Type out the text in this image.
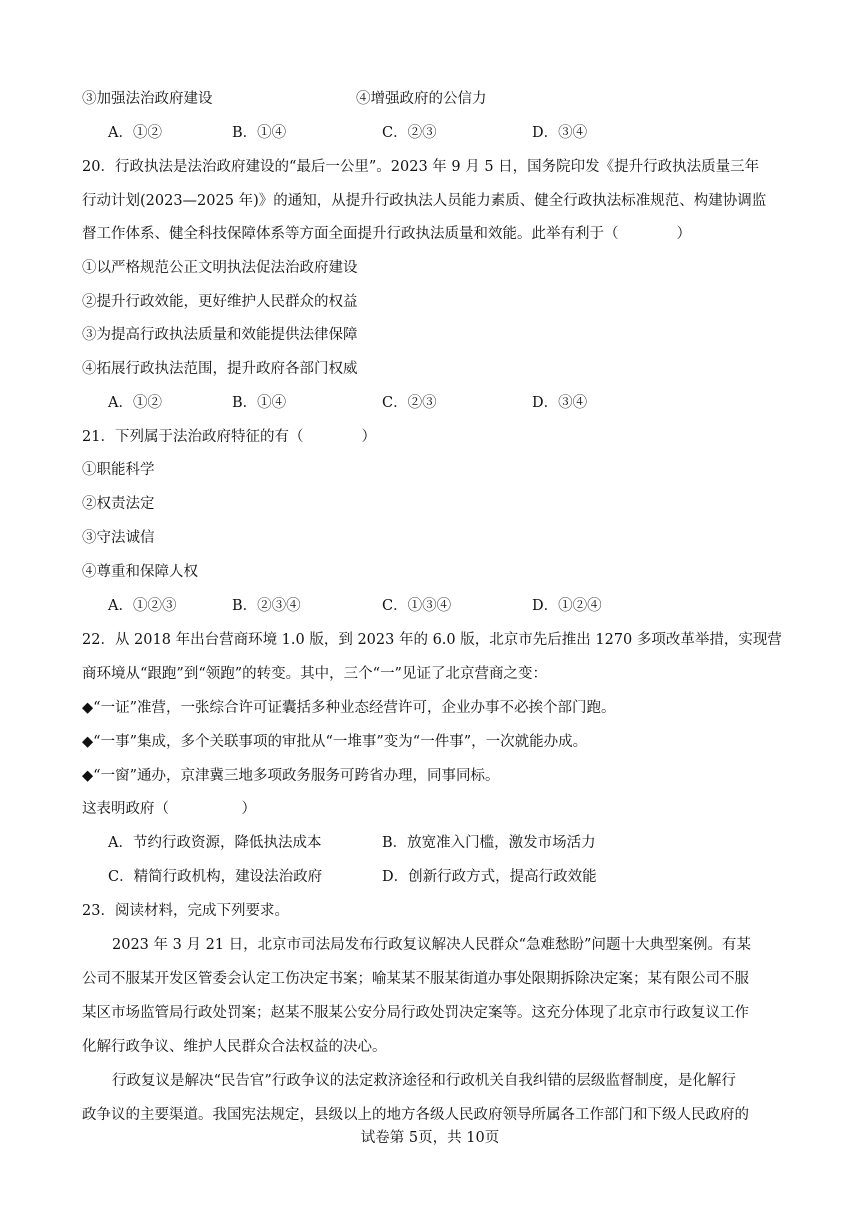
③加强法治政府建设	④增强政府的公信力
A．①②	B．①④	C．②③	D．③④
20．行政执法是法治政府建设的“最后一公里”。2023 年 9 月 5 日，国务院印发《提升行政执法质量三年
行动计划(2023—2025 年)》的通知，从提升行政执法人员能力素质、健全行政执法标准规范、构建协调监
督工作体系、健全科技保障体系等方面全面提升行政执法质量和效能。此举有利于（　　　　）
①以严格规范公正文明执法促法治政府建设
②提升行政效能，更好维护人民群众的权益
③为提高行政执法质量和效能提供法律保障
④拓展行政执法范围，提升政府各部门权威
A．①②	B．①④	C．②③	D．③④
21．下列属于法治政府特征的有（　　　　）
①职能科学
②权责法定
③守法诚信
④尊重和保障人权
A．①②③	B．②③④	C．①③④	D．①②④
22．从 2018 年出台营商环境 1.0 版，到 2023 年的 6.0 版，北京市先后推出 1270 多项改革举措，实现营
商环境从“跟跑”到“领跑”的转变。其中，三个“一”见证了北京营商之变：
◆“一证”准营，一张综合许可证囊括多种业态经营许可，企业办事不必挨个部门跑。
◆“一事”集成，多个关联事项的审批从“一堆事”变为“一件事”，一次就能办成。
◆“一窗”通办，京津冀三地多项政务服务可跨省办理，同事同标。
这表明政府（　　　　　）
A．节约行政资源，降低执法成本	B．放宽准入门槛，激发市场活力
C．精简行政机构，建设法治政府	D．创新行政方式，提高行政效能
23．阅读材料，完成下列要求。
2023 年 3 月 21 日，北京市司法局发布行政复议解决人民群众“急难愁盼”问题十大典型案例。有某
公司不服某开发区管委会认定工伤决定书案；喻某某不服某街道办事处限期拆除决定案；某有限公司不服
某区市场监管局行政处罚案；赵某不服某公安分局行政处罚决定案等。这充分体现了北京市行政复议工作
化解行政争议、维护人民群众合法权益的决心。
行政复议是解决“民告官”行政争议的法定救济途径和行政机关自我纠错的层级监督制度，是化解行
政争议的主要渠道。我国宪法规定，县级以上的地方各级人民政府领导所属各工作部门和下级人民政府的
试卷第 5页，共 10页
